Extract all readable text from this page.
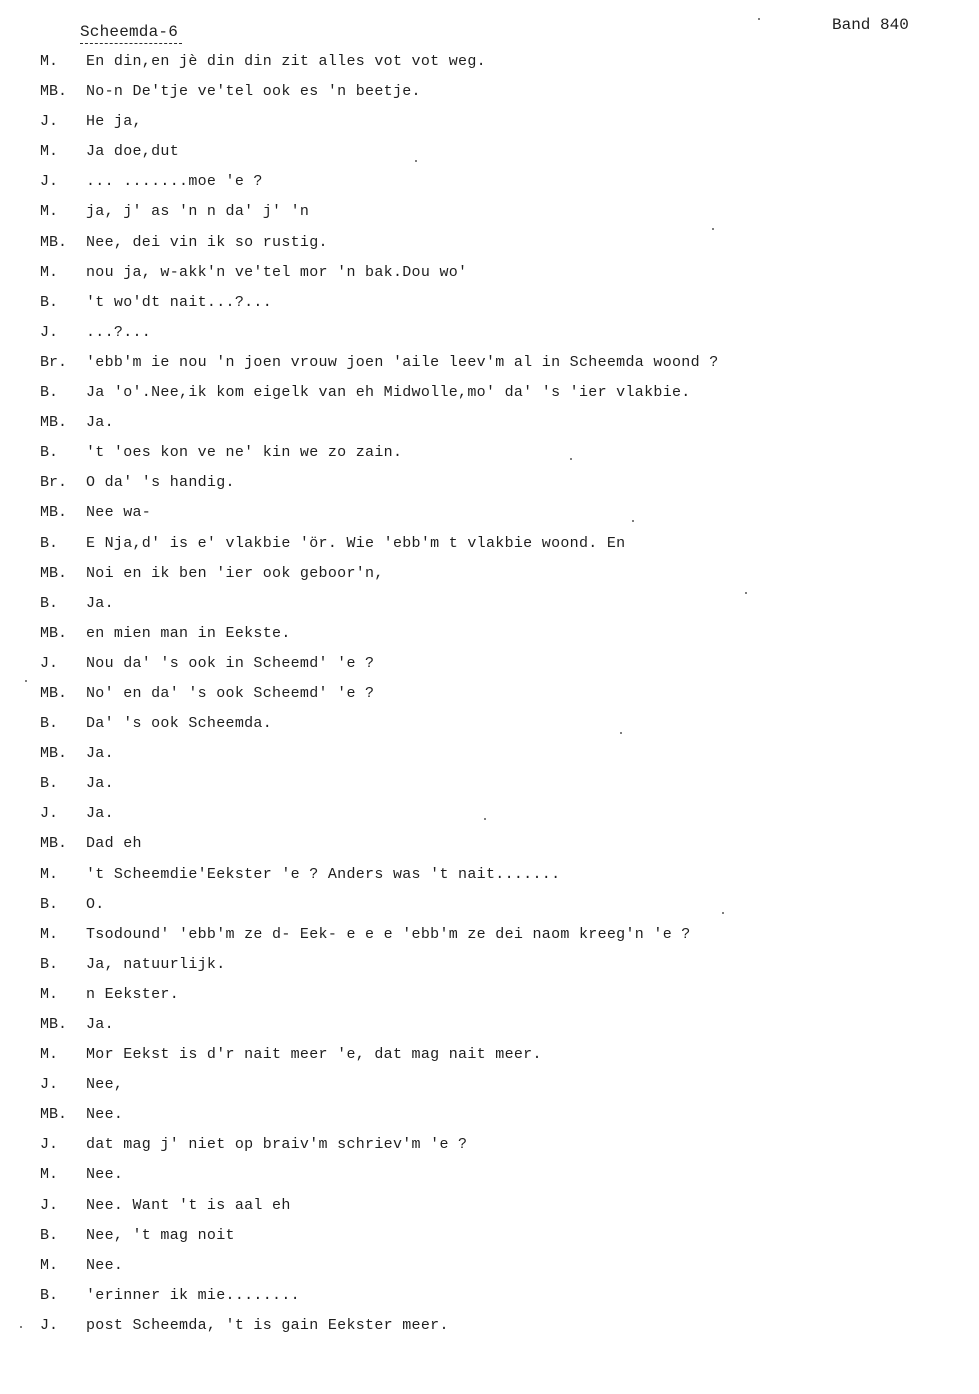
Scheemda-6	Band 840
M.	En din,en jè din din zit alles vot vot weg.
MB.	No-n De'tje ve'tel ook es 'n beetje.
J.	He ja,
M.	Ja doe,dut
J.	... .......moe 'e ?
M.	ja, j' as 'n n da' j' 'n
MB.	Nee, dei vin ik so rustig.
M.	nou ja, w-akk'n ve'tel mor 'n bak.Dou wo'
B.	't wo'dt nait...?...
J.	...?...
Br.	'ebb'm ie nou 'n joen vrouw joen 'aile leev'm al in Scheemda woond ?
B.	Ja 'o'.Nee,ik kom eigelk van eh Midwolle,mo' da' 's 'ier vlakbie.
MB.	Ja.
B.	't 'oes kon ve ne' kin we zo zain.
Br.	O da' 's handig.
MB.	Nee wa-
B.	E Nja,d' is e' vlakbie 'ör. Wie 'ebb'm t vlakbie woond. En
MB.	Noi en ik ben 'ier ook geboor'n,
B.	Ja.
MB.	en mien man in Eekste.
J.	Nou da' 's ook in Scheemd' 'e ?
MB.	No' en da' 's ook Scheemd' 'e ?
B.	Da' 's ook Scheemda.
MB.	Ja.
B.	Ja.
J.	Ja.
MB.	Dad eh
M.	't Scheemdie'Eekster 'e ? Anders was 't nait.......
B.	O.
M.	Tsodound' 'ebb'm ze d- Eek- e e e 'ebb'm ze dei naom kreeg'n 'e ?
B.	Ja, natuurlijk.
M.	n Eekster.
MB.	Ja.
M.	Mor Eekst is d'r nait meer 'e, dat mag nait meer.
J.	Nee,
MB.	Nee.
J.	dat mag j' niet op braiv'm schriev'm 'e ?
M.	Nee.
J.	Nee. Want 't is aal eh
B.	Nee, 't mag noit
M.	Nee.
B.	'erinner ik mie........
J.	post Scheemda, 't is gain Eekster meer.
